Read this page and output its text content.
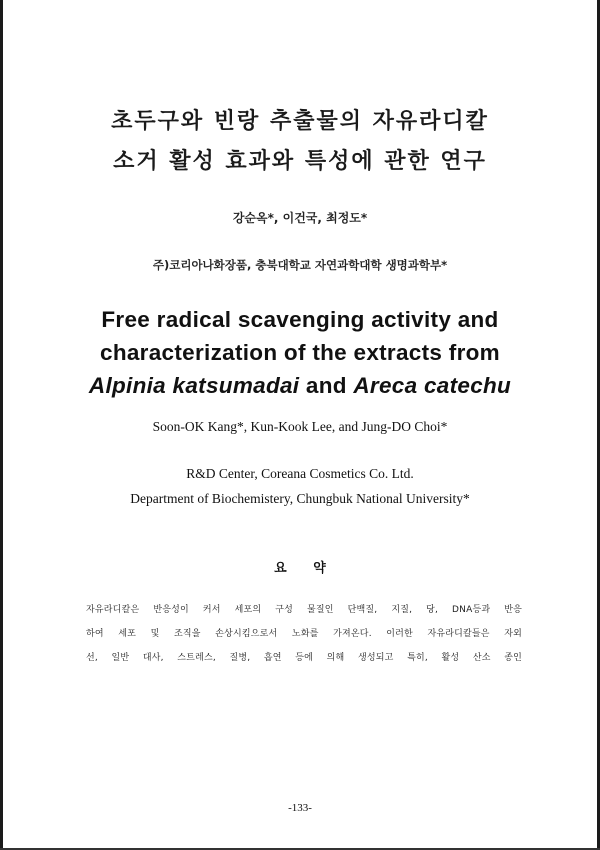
초두구와 빈랑 추출물의 자유라디칼
소거 활성 효과와 특성에 관한 연구
강순옥*, 이건국, 최정도*
주)코리아나화장품, 충북대학교 자연과학대학 생명과학부*
Free radical scavenging activity and
characterization of the extracts from
Alpinia katsumadai and Areca catechu
Soon-OK Kang*, Kun-Kook Lee, and Jung-DO Choi*
R&D Center, Coreana Cosmetics Co. Ltd.
Department of Biochemistery, Chungbuk National University*
요 약
자유라디칼은 반응성이 커서 세포의 구성 물질인 단백질, 지질, 당, DNA등과 반응
하여 세포 및 조직을 손상시킴으로서 노화를 가져온다. 이러한 자유라디칼들은 자외
선, 일반 대사, 스트레스, 질병, 흡연 등에 의해 생성되고 특히, 활성 산소 종인
-133-
